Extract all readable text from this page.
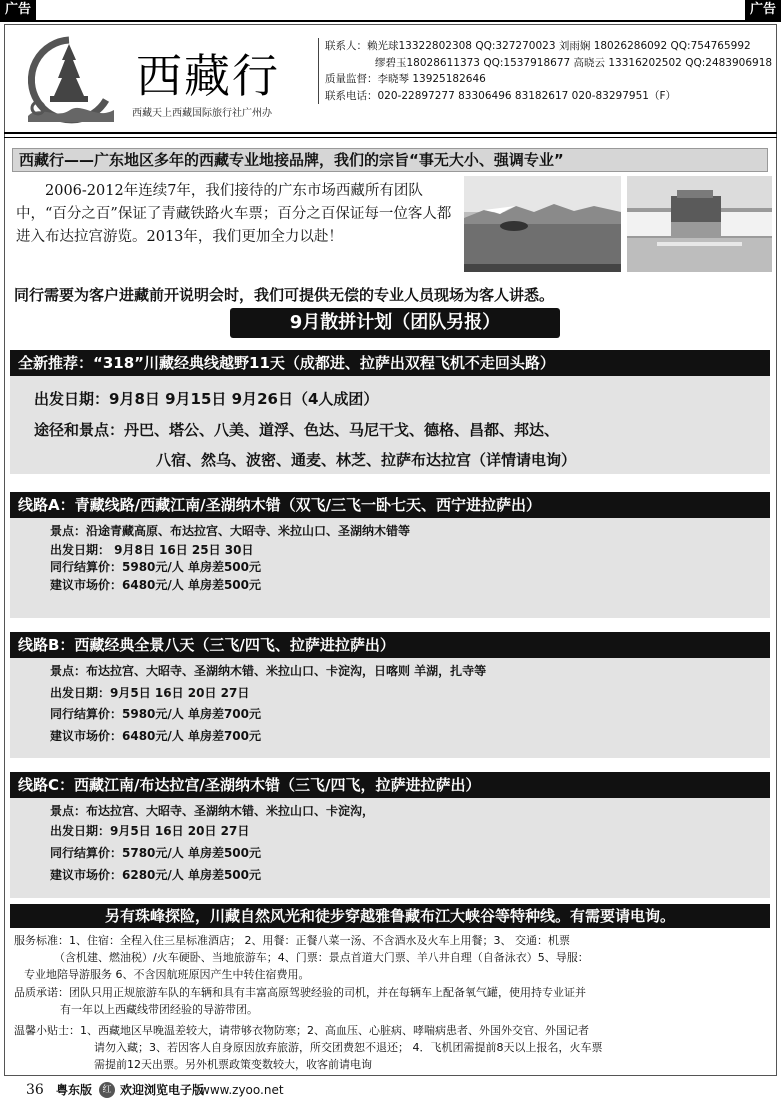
广告	广告
西藏行
西藏天上西藏国际旅行社广州办
联系人：赖光球13322802308 QQ:327270023 刘雨娴 18026286092 QQ:754765992
缪碧玉18028611373 QQ:1537918677 高晓云 13316202502 QQ:2483906918
质量监督：李晓琴 13925182646
联系电话：020-22897277 83306496 83182617 020-83297951（F）
西藏行——广东地区多年的西藏专业地接品牌，我们的宗旨“事无大小、强调专业”
2006-2012年连续7年，我们接待的广东市场西藏所有团队中，“百分之百”保证了青藏铁路火车票；百分之百保证每一位客人都进入布达拉宫游览。2013年，我们更加全力以赴！
同行需要为客户进藏前开说明会时，我们可提供无偿的专业人员现场为客人讲悉。
9月散拼计划（团队另报）
全新推荐：“318”川藏经典线越野11天（成都进、拉萨出双程飞机不走回头路）
出发日期：9月8日 9月15日 9月26日（4人成团）
途径和景点：丹巴、塔公、八美、道浮、色达、马尼干戈、德格、昌都、邦达、
八宿、然乌、波密、通麦、林芝、拉萨布达拉宫（详情请电询）
线路A：青藏线路/西藏江南/圣湖纳木错（双飞/三飞一卧七天、西宁进拉萨出）
景点：沿途青藏高原、布达拉宫、大昭寺、米拉山口、圣湖纳木错等
出发日期： 9月8日 16日 25日 30日
同行结算价：5980元/人 单房差500元
建议市场价：6480元/人 单房差500元
线路B：西藏经典全景八天（三飞/四飞、拉萨进拉萨出）
景点：布达拉宫、大昭寺、圣湖纳木错、米拉山口、卡淀沟，日喀则 羊湖，扎寺等
出发日期：9月5日 16日 20日 27日
同行结算价：5980元/人 单房差700元
建议市场价：6480元/人 单房差700元
线路C：西藏江南/布达拉宫/圣湖纳木错（三飞/四飞，拉萨进拉萨出）
景点：布达拉宫、大昭寺、圣湖纳木错、米拉山口、卡淀沟，
出发日期：9月5日 16日 20日 27日
同行结算价：5780元/人 单房差500元
建议市场价：6280元/人 单房差500元
另有珠峰探险，川藏自然风光和徒步穿越雅鲁藏布江大峡谷等特种线。有需要请电询。
服务标准：1、住宿：全程入住三星标准酒店； 2、用餐：正餐八菜一汤、不含酒水及火车上用餐；3、 交通：机票
（含机建、燃油税）/火车硬卧、当地旅游车；4、门票：景点首道大门票、羊八井自理（自备泳衣）5、导服：
专业地陪导游服务 6、不含因航班原因产生中转住宿费用。
品质承诺：团队只用正规旅游车队的车辆和具有丰富高原驾驶经验的司机，并在每辆车上配备氧气罐，使用持专业证并
有一年以上西藏线带团经验的导游带团。
温馨小贴士：1、西藏地区早晚温差较大，请带够衣物防寒；2、高血压、心脏病、哮喘病患者、外国外交官、外国记者
请勿入藏；3、若因客人自身原因放弃旅游，所交团费恕不退还； 4．飞机团需提前8天以上报名，火车票
需提前12天出票。另外机票政策变数较大，收客前请电询
36 粤东版	红 欢迎浏览电子版
www.zyoo.net
